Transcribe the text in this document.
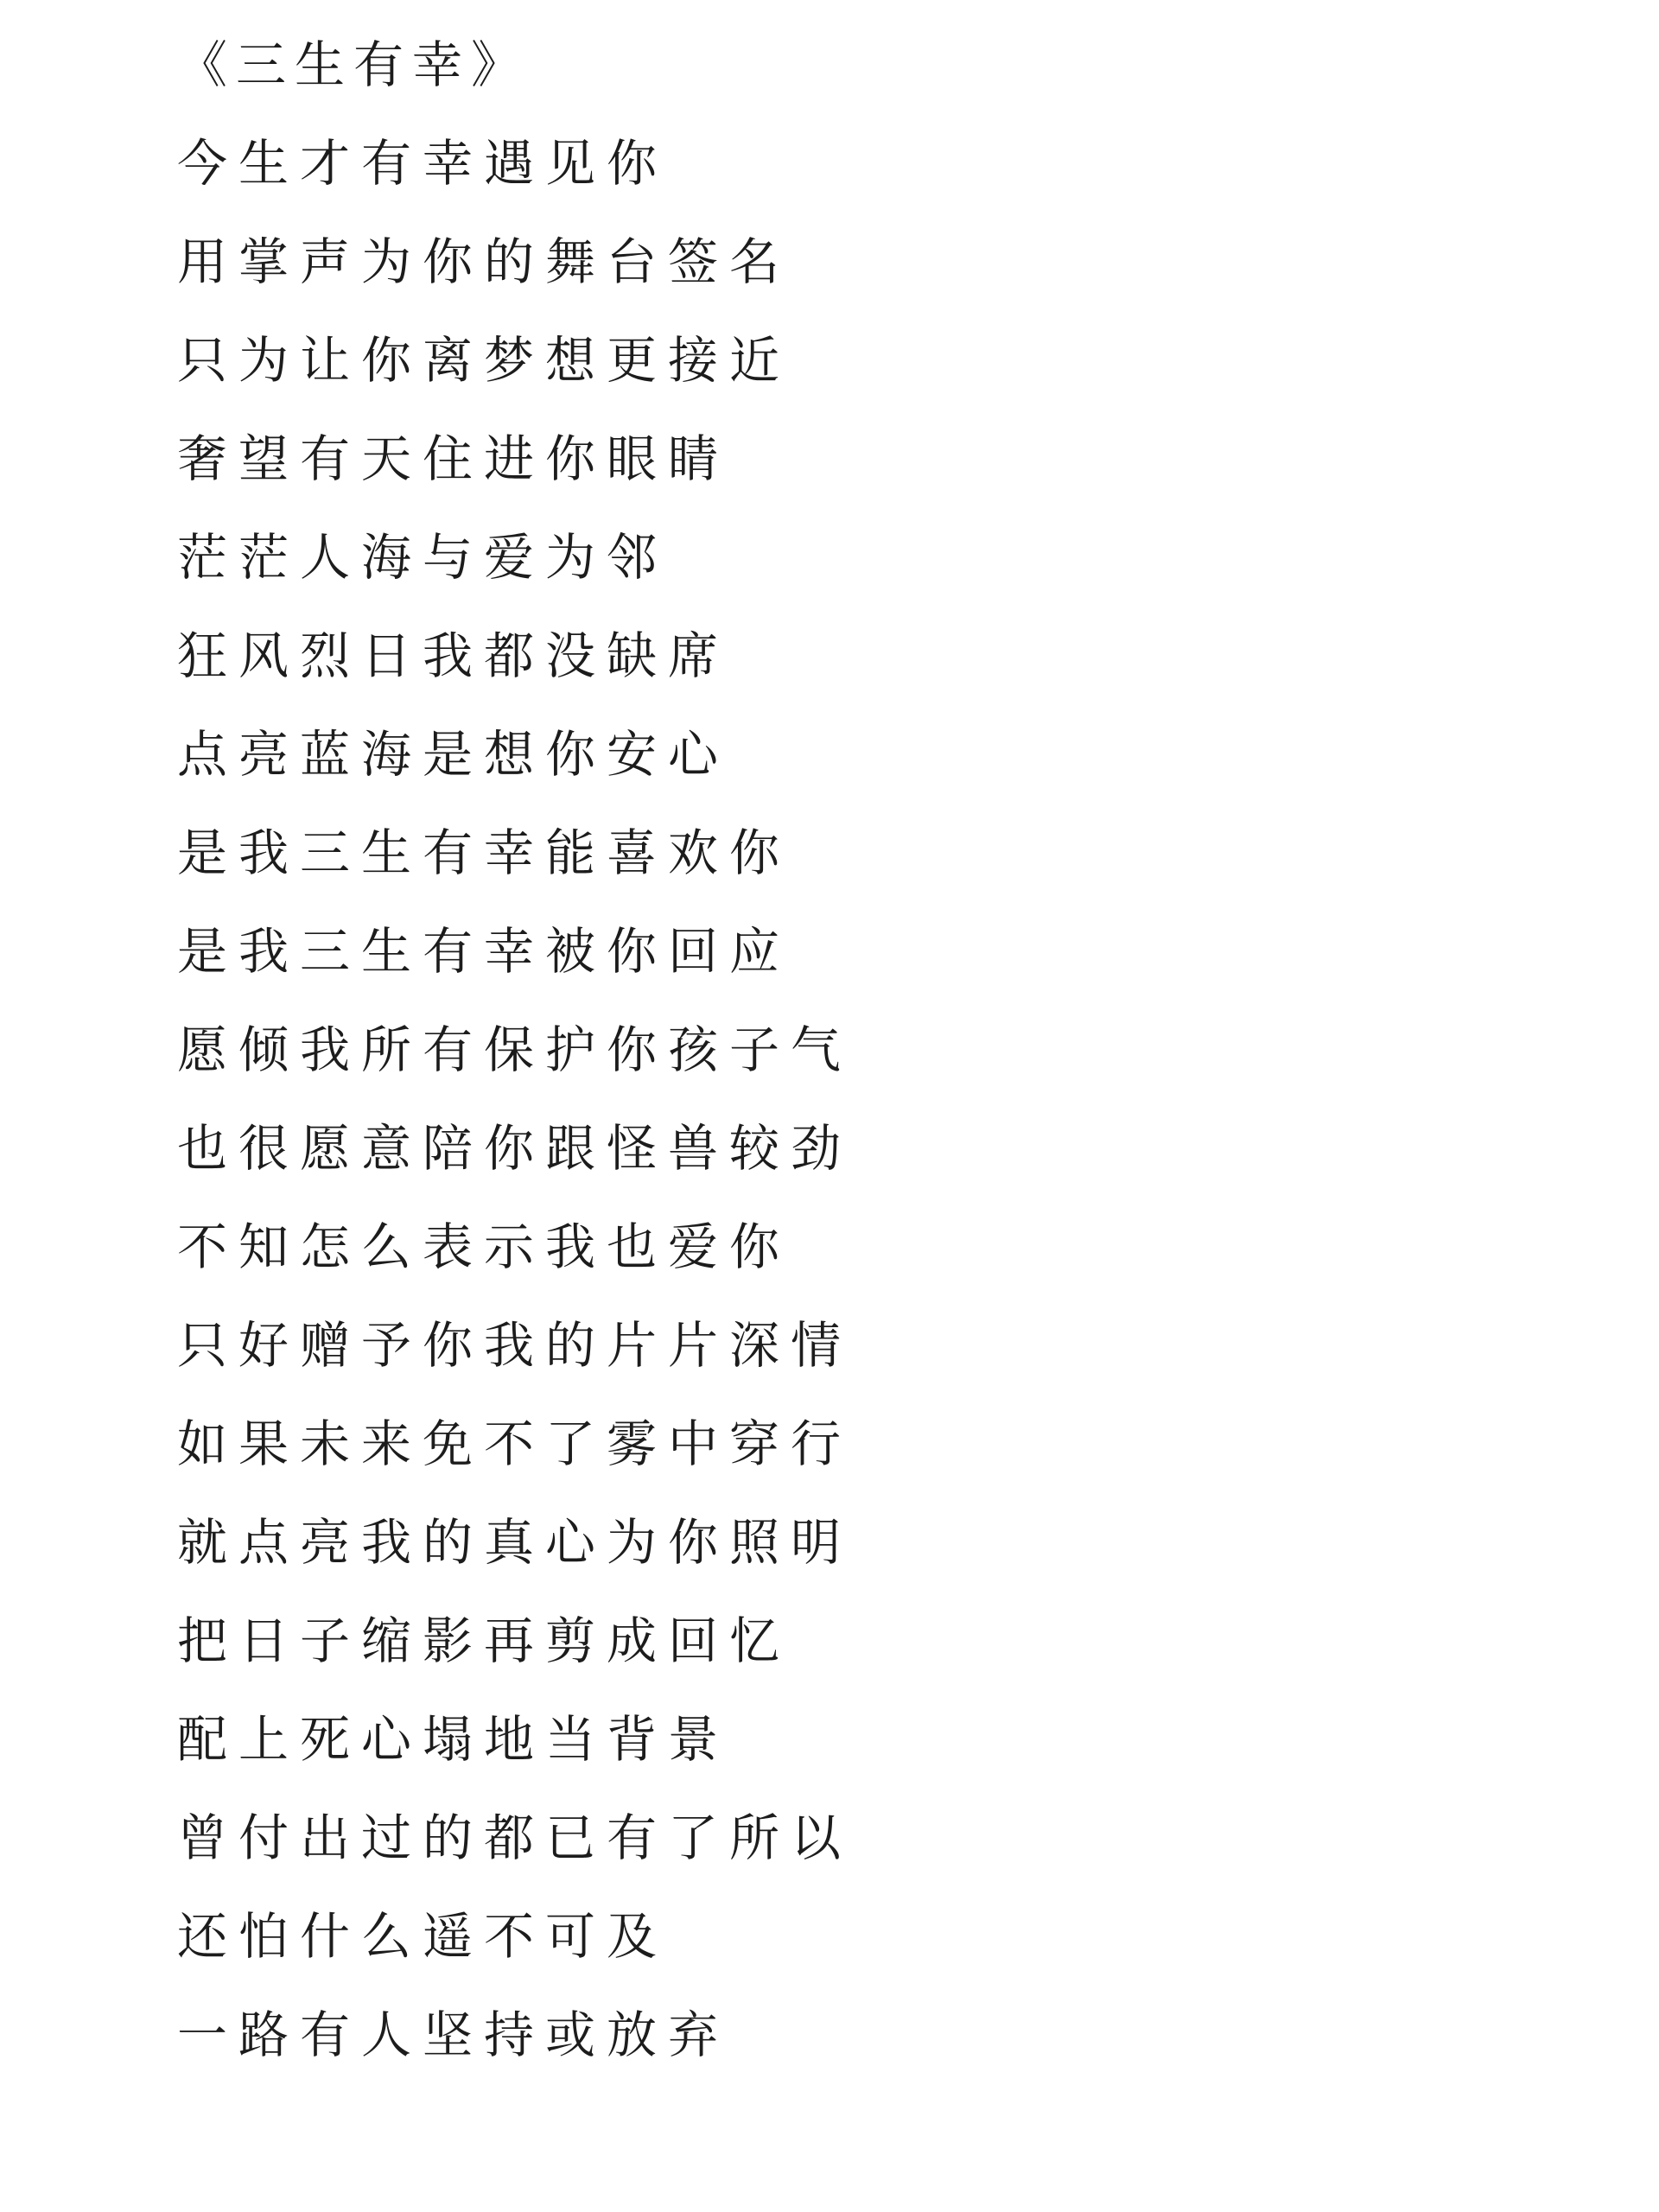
《三生有幸》
今生才有幸遇见你
用掌声为你的舞台签名
只为让你离梦想更接近
奢望有天住进你眼睛
茫茫人海与爱为邻
狂风烈日我都没缺席
点亮蓝海是想你安心
是我三生有幸能喜欢你
是我三生有幸被你回应
愿倾我所有保护你孩子气
也很愿意陪你跟怪兽较劲
不知怎么表示我也爱你
只好赠予你我的片片深情
如果未来免不了雾中穿行
就点亮我的真心为你照明
把日子缩影再剪成回忆
配上死心塌地当背景
曾付出过的都已有了所以
还怕什么遥不可及
一路有人坚持或放弃
